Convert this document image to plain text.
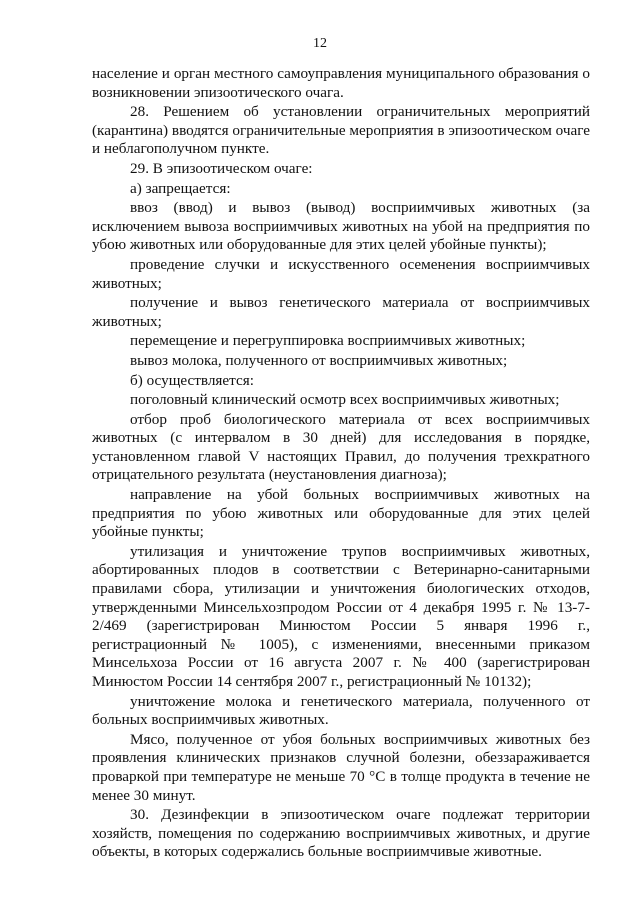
12

население и орган местного самоуправления муниципального образования о возникновении эпизоотического очага.

28. Решением об установлении ограничительных мероприятий (карантина) вводятся ограничительные мероприятия в эпизоотическом очаге и неблагополучном пункте.

29. В эпизоотическом очаге:

а) запрещается:

ввоз (ввод) и вывоз (вывод) восприимчивых животных (за исключением вывоза восприимчивых животных на убой на предприятия по убою животных или оборудованные для этих целей убойные пункты);

проведение случки и искусственного осеменения восприимчивых животных;

получение и вывоз генетического материала от восприимчивых животных;

перемещение и перегруппировка восприимчивых животных;

вывоз молока, полученного от восприимчивых животных;

б) осуществляется:

поголовный клинический осмотр всех восприимчивых животных;

отбор проб биологического материала от всех восприимчивых животных (с интервалом в 30 дней) для исследования в порядке, установленном главой V настоящих Правил, до получения трехкратного отрицательного результата (неустановления диагноза);

направление на убой больных восприимчивых животных на предприятия по убою животных или оборудованные для этих целей убойные пункты;

утилизация и уничтожение трупов восприимчивых животных, абортированных плодов в соответствии с Ветеринарно-санитарными правилами сбора, утилизации и уничтожения биологических отходов, утвержденными Минсельхозпродом России от 4 декабря 1995 г. № 13-7-2/469 (зарегистрирован Минюстом России 5 января 1996 г., регистрационный № 1005), с изменениями, внесенными приказом Минсельхоза России от 16 августа 2007 г. № 400 (зарегистрирован Минюстом России 14 сентября 2007 г., регистрационный № 10132);

уничтожение молока и генетического материала, полученного от больных восприимчивых животных.

Мясо, полученное от убоя больных восприимчивых животных без проявления клинических признаков случной болезни, обеззараживается проваркой при температуре не меньше 70 °С в толще продукта в течение не менее 30 минут.

30. Дезинфекции в эпизоотическом очаге подлежат территории хозяйств, помещения по содержанию восприимчивых животных, и другие объекты, в которых содержались больные восприимчивые животные.
